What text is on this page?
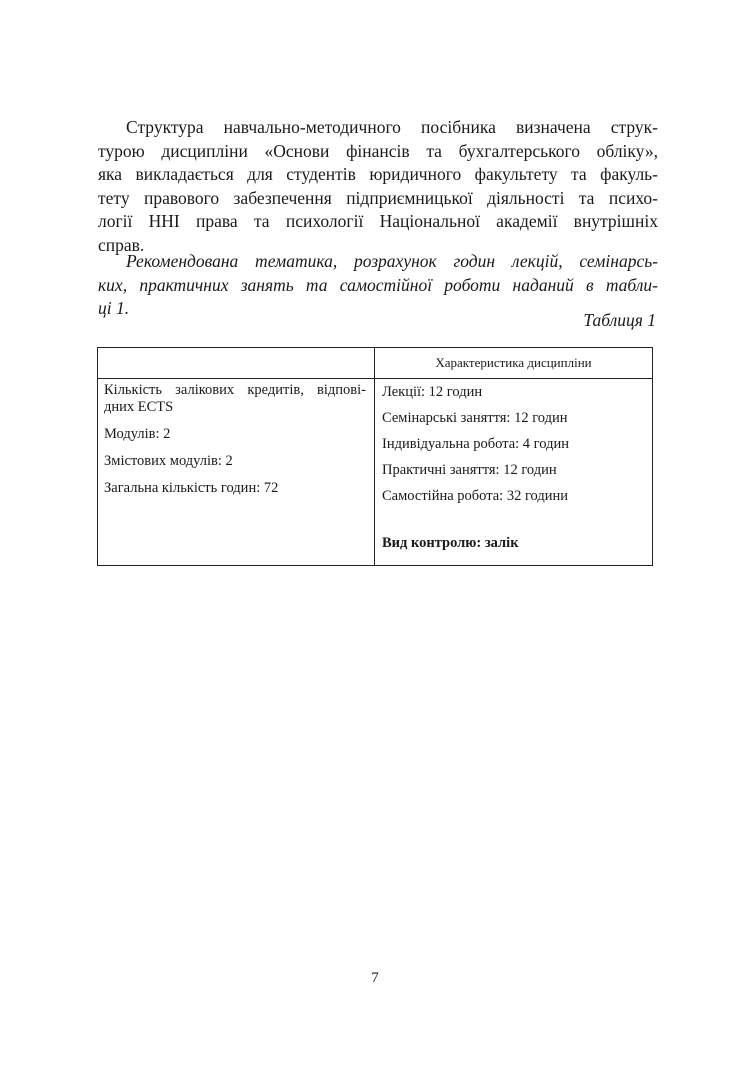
Структура навчально-методичного посібника визначена струк-
турою дисципліни «Основи фінансів та бухгалтерського обліку»,
яка викладається для студентів юридичного факультету та факуль-
тету правового забезпечення підприємницької діяльності та психо-
логії ННІ права та психології Національної академії внутрішніх
справ.
Рекомендована тематика, розрахунок годин лекцій, семінарсь-
ких, практичних занять та самостійної роботи наданий в табли-
ці 1.
Таблиця 1
Характеристика дисципліни
Кількість залікових кредитів, відпові-
дних ECTS
Модулів: 2
Змістових модулів: 2
Загальна кількість годин: 72
Лекції: 12 годин
Семінарські заняття: 12 годин
Індивідуальна робота: 4 годин
Практичні заняття: 12 годин
Самостійна робота: 32 години
Вид контролю: залік
7
